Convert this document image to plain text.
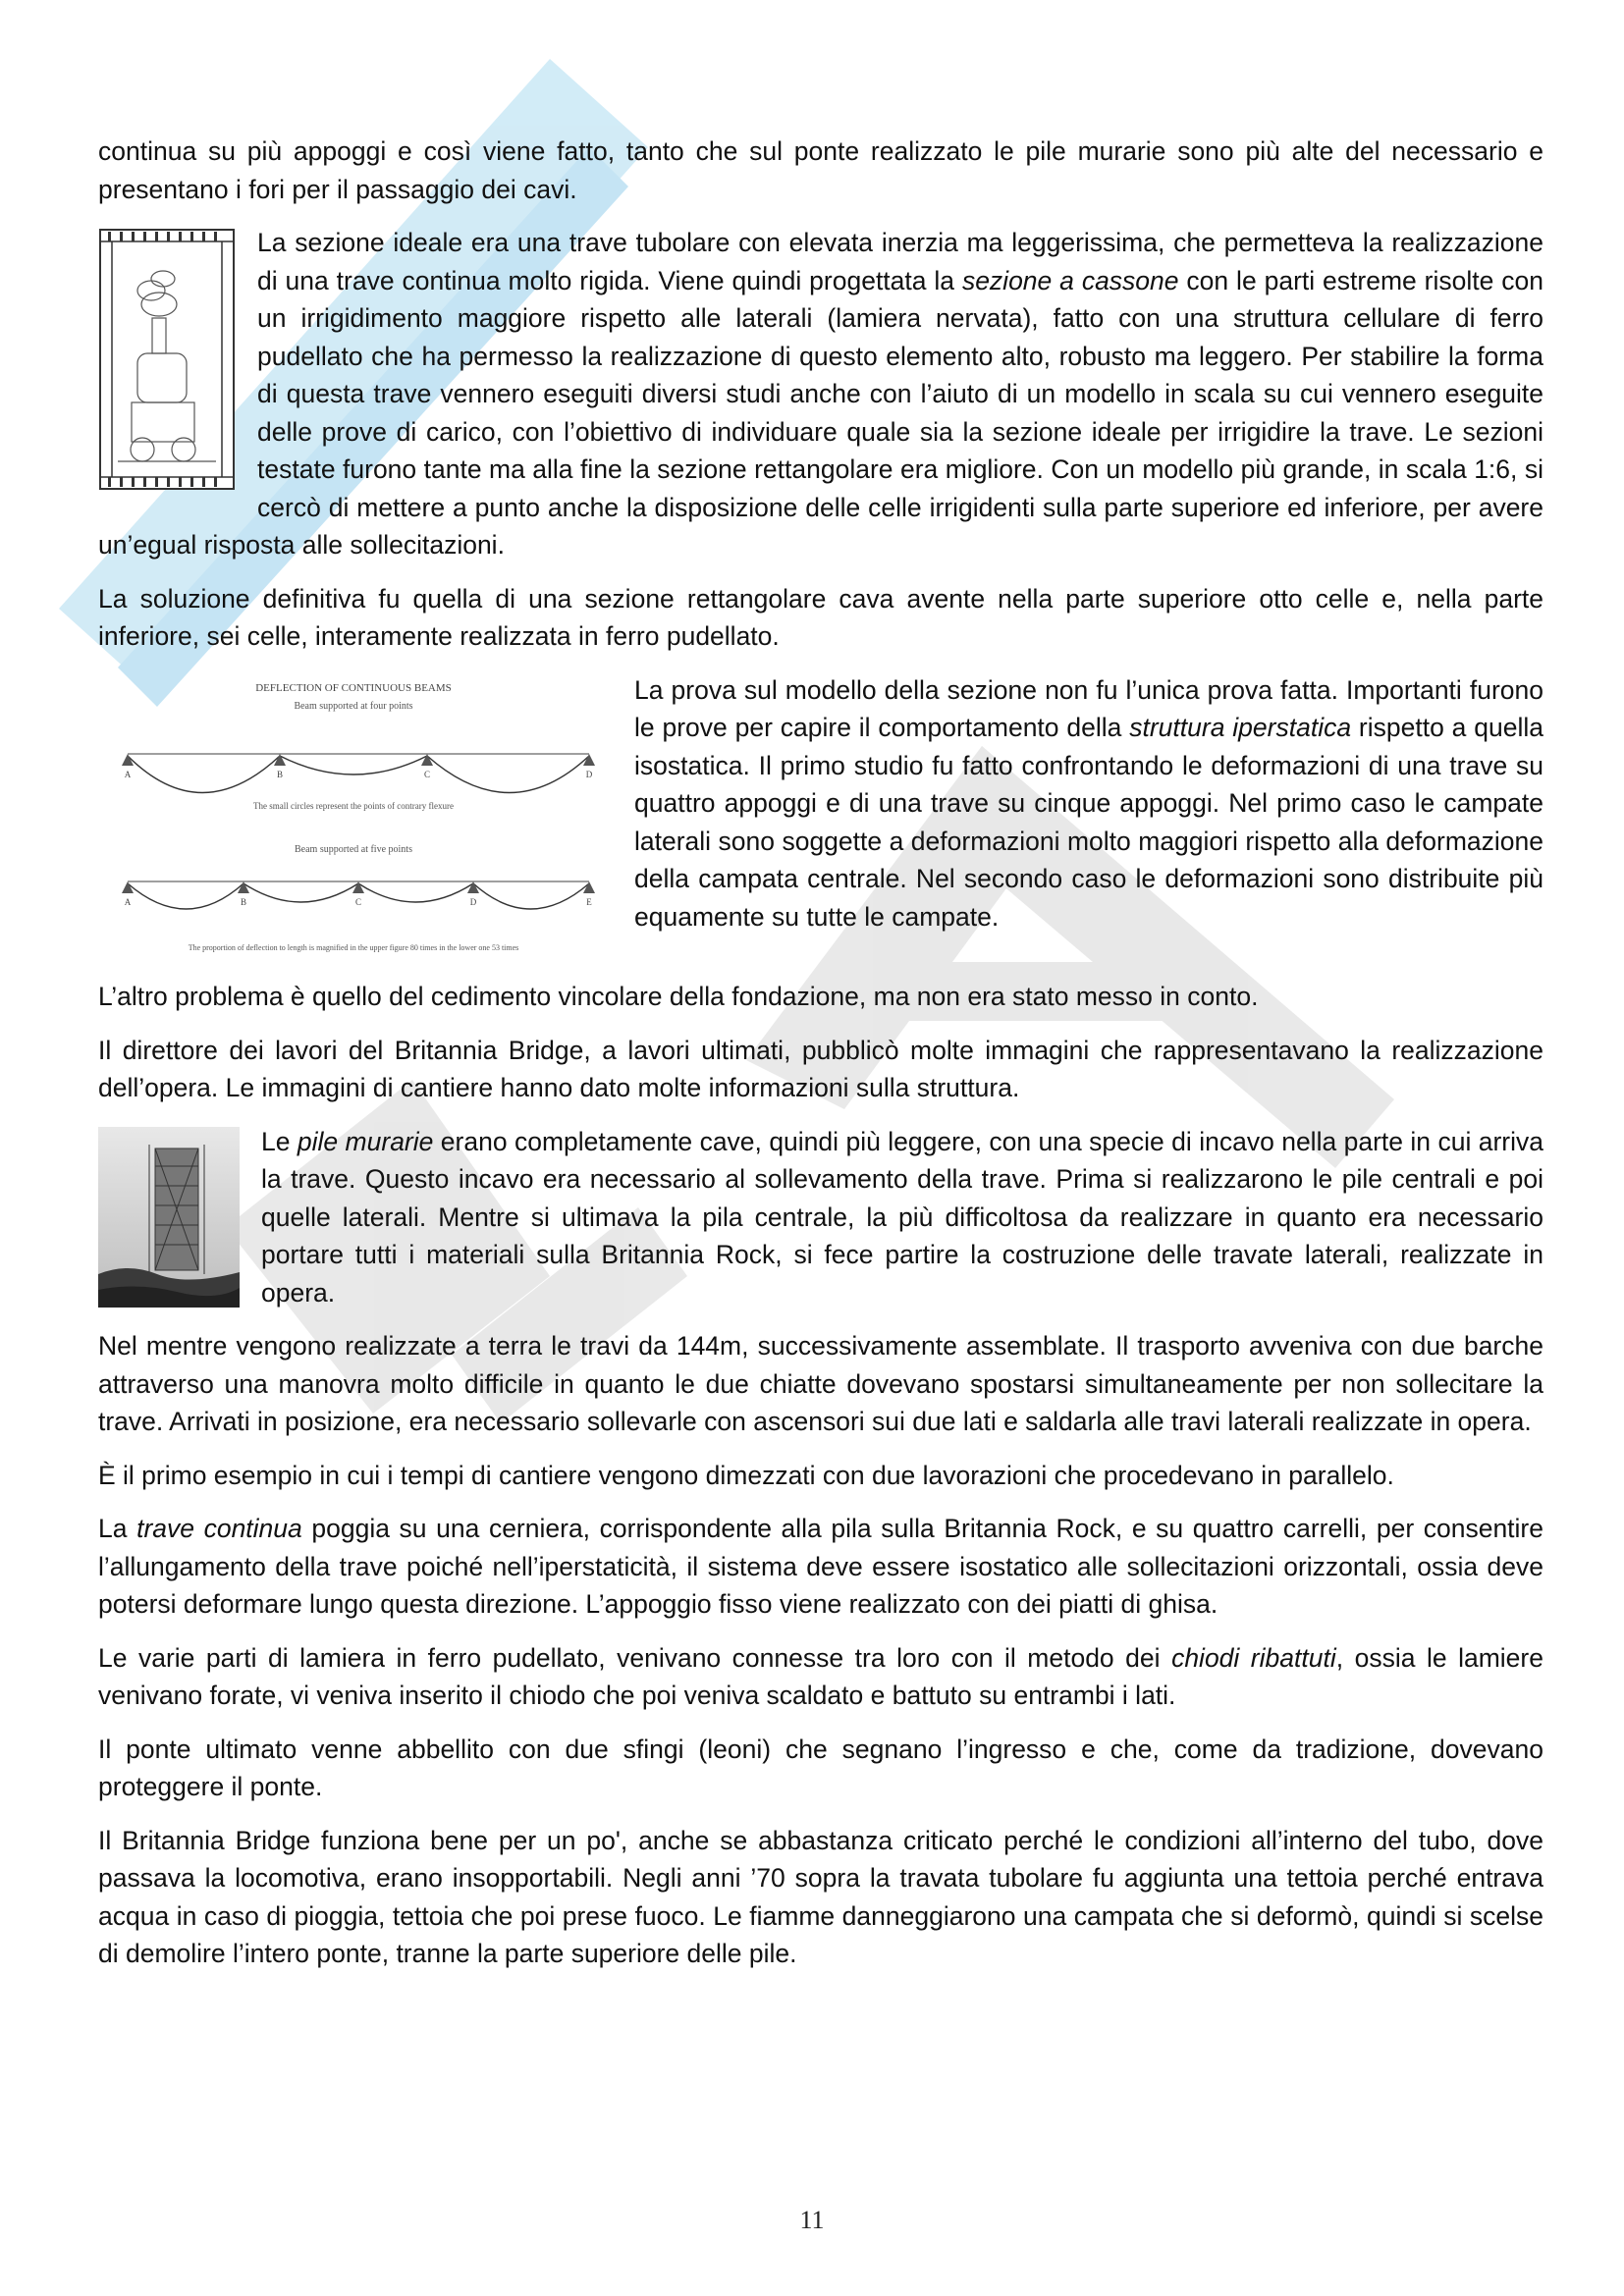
continua su più appoggi e così viene fatto, tanto che sul ponte realizzato le pile murarie sono più alte del necessario e presentano i fori per il passaggio dei cavi.

La sezione ideale era una trave tubolare con elevata inerzia ma leggerissima, che permetteva la realizzazione di una trave continua molto rigida. Viene quindi progettata la sezione a cassone con le parti estreme risolte con un irrigidimento maggiore rispetto alle laterali (lamiera nervata), fatto con una struttura cellulare di ferro pudellato che ha permesso la realizzazione di questo elemento alto, robusto ma leggero. Per stabilire la forma di questa trave vennero eseguiti diversi studi anche con l’aiuto di un modello in scala su cui vennero eseguite delle prove di carico, con l’obiettivo di individuare quale sia la sezione ideale per irrigidire la trave. Le sezioni testate furono tante ma alla fine la sezione rettangolare era migliore. Con un modello più grande, in scala 1:6, si cercò di mettere a punto anche la disposizione delle celle irrigidenti sulla parte superiore ed inferiore, per avere un’egual risposta alle sollecitazioni.

La soluzione definitiva fu quella di una sezione rettangolare cava avente nella parte superiore otto celle e, nella parte inferiore, sei celle, interamente realizzata in ferro pudellato.

DEFLECTION OF CONTINUOUS BEAMS
Beam supported at four points
A	B	C	D
The small circles represent the points of contrary flexure
Beam supported at five points
A	B	C	D	E
The proportion of deflection to length is magnified in the upper figure 80 times in the lower one 53 times
La prova sul modello della sezione non fu l’unica prova fatta. Importanti furono le prove per capire il comportamento della struttura iperstatica rispetto a quella isostatica. Il primo studio fu fatto confrontando le deformazioni di una trave su quattro appoggi e di una trave su cinque appoggi. Nel primo caso le campate laterali sono soggette a deformazioni molto maggiori rispetto alla deformazione della campata centrale. Nel secondo caso le deformazioni sono distribuite più equamente su tutte le campate.

L’altro problema è quello del cedimento vincolare della fondazione, ma non era stato messo in conto.

Il direttore dei lavori del Britannia Bridge, a lavori ultimati, pubblicò molte immagini che rappresentavano la realizzazione dell’opera. Le immagini di cantiere hanno dato molte informazioni sulla struttura.

Le pile murarie erano completamente cave, quindi più leggere, con una specie di incavo nella parte in cui arriva la trave. Questo incavo era necessario al sollevamento della trave. Prima si realizzarono le pile centrali e poi quelle laterali. Mentre si ultimava la pila centrale, la più difficoltosa da realizzare in quanto era necessario portare tutti i materiali sulla Britannia Rock, si fece partire la costruzione delle travate laterali, realizzate in opera.

Nel mentre vengono realizzate a terra le travi da 144m, successivamente assemblate. Il trasporto avveniva con due barche attraverso una manovra molto difficile in quanto le due chiatte dovevano spostarsi simultaneamente per non sollecitare la trave. Arrivati in posizione, era necessario sollevarle con ascensori sui due lati e saldarla alle travi laterali realizzate in opera.

È il primo esempio in cui i tempi di cantiere vengono dimezzati con due lavorazioni che procedevano in parallelo.

La trave continua poggia su una cerniera, corrispondente alla pila sulla Britannia Rock, e su quattro carrelli, per consentire l’allungamento della trave poiché nell’iperstaticità, il sistema deve essere isostatico alle sollecitazioni orizzontali, ossia deve potersi deformare lungo questa direzione. L’appoggio fisso viene realizzato con dei piatti di ghisa.

Le varie parti di lamiera in ferro pudellato, venivano connesse tra loro con il metodo dei chiodi ribattuti, ossia le lamiere venivano forate, vi veniva inserito il chiodo che poi veniva scaldato e battuto su entrambi i lati.

Il ponte ultimato venne abbellito con due sfingi (leoni) che segnano l’ingresso e che, come da tradizione, dovevano proteggere il ponte.

Il Britannia Bridge funziona bene per un po', anche se abbastanza criticato perché le condizioni all’interno del tubo, dove passava la locomotiva, erano insopportabili. Negli anni ’70 sopra la travata tubolare fu aggiunta una tettoia perché entrava acqua in caso di pioggia, tettoia che poi prese fuoco. Le fiamme danneggiarono una campata che si deformò, quindi si scelse di demolire l’intero ponte, tranne la parte superiore delle pile.

11
